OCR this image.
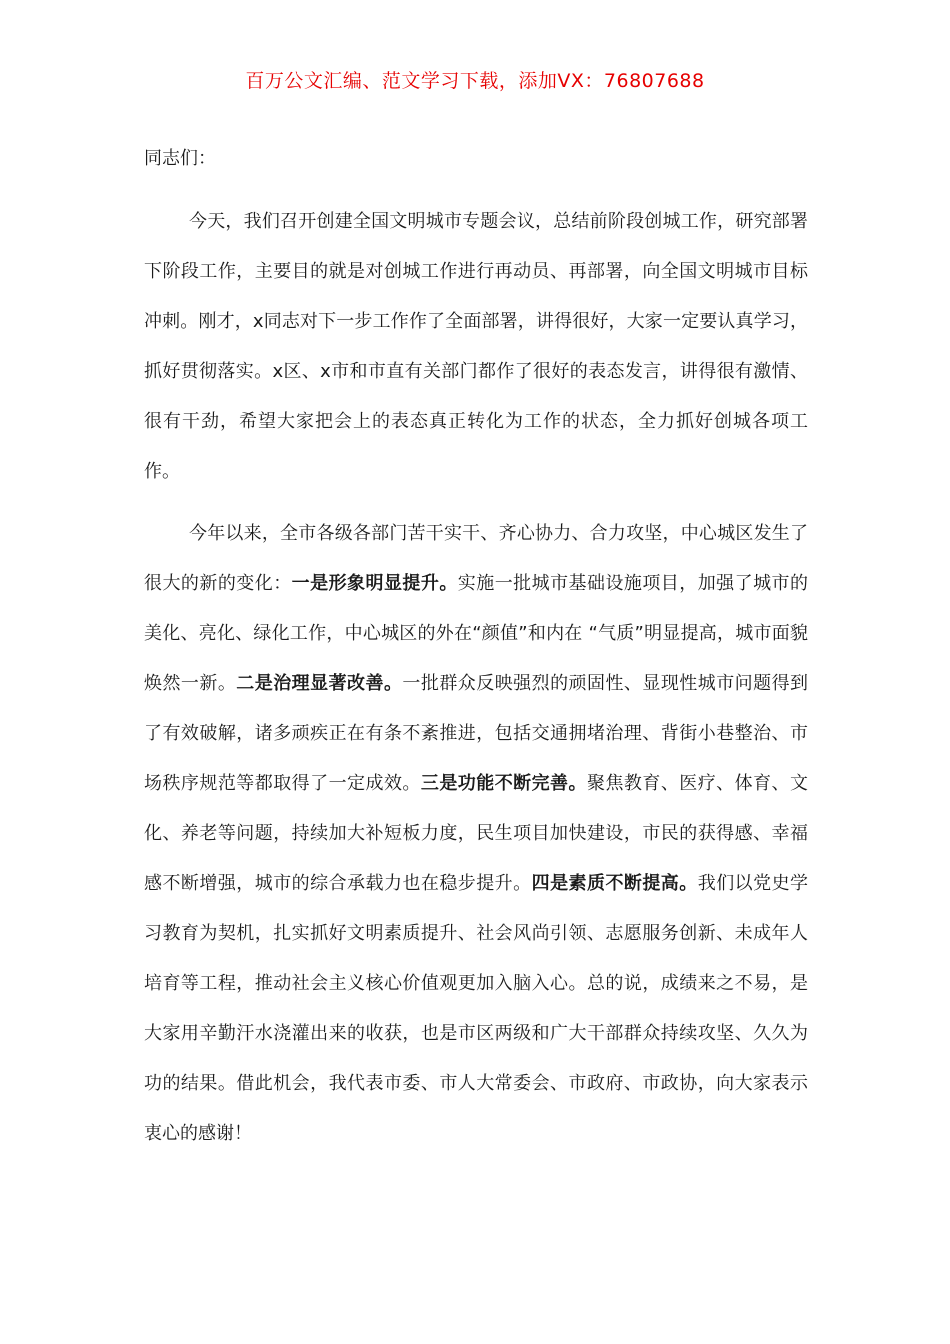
百万公文汇编、范文学习下载，添加VX：76807688

同志们：

今天，我们召开创建全国文明城市专题会议，总结前阶段创城工作，研究部署下阶段工作，主要目的就是对创城工作进行再动员、再部署，向全国文明城市目标冲刺。刚才，x同志对下一步工作作了全面部署，讲得很好，大家一定要认真学习，抓好贯彻落实。x区、x市和市直有关部门都作了很好的表态发言，讲得很有激情、很有干劲，希望大家把会上的表态真正转化为工作的状态，全力抓好创城各项工作。

今年以来，全市各级各部门苦干实干、齐心协力、合力攻坚，中心城区发生了很大的新的变化：一是形象明显提升。实施一批城市基础设施项目，加强了城市的美化、亮化、绿化工作，中心城区的外在“颜值”和内在 “气质”明显提高，城市面貌焕然一新。二是治理显著改善。一批群众反映强烈的顽固性、显现性城市问题得到了有效破解，诸多顽疾正在有条不紊推进，包括交通拥堵治理、背街小巷整治、市场秩序规范等都取得了一定成效。三是功能不断完善。聚焦教育、医疗、体育、文化、养老等问题，持续加大补短板力度，民生项目加快建设，市民的获得感、幸福感不断增强，城市的综合承载力也在稳步提升。四是素质不断提高。我们以党史学习教育为契机，扎实抓好文明素质提升、社会风尚引领、志愿服务创新、未成年人培育等工程，推动社会主义核心价值观更加入脑入心。总的说，成绩来之不易，是大家用辛勤汗水浇灌出来的收获，也是市区两级和广大干部群众持续攻坚、久久为功的结果。借此机会，我代表市委、市人大常委会、市政府、市政协，向大家表示衷心的感谢！
